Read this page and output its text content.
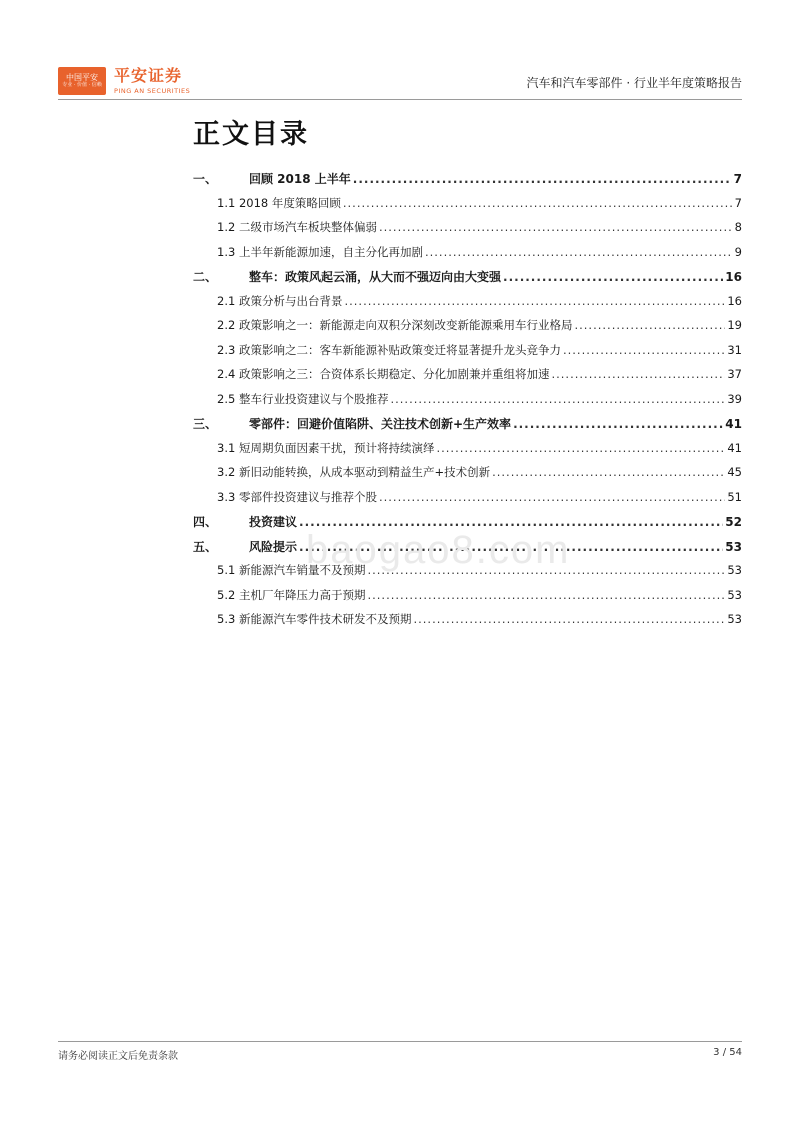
中国平安
专业 · 价值 · 信赖
平安证券
PING AN SECURITIES
汽车和汽车零部件 · 行业半年度策略报告
正文目录
一、	回顾 2018 上半年 .....	7
1.1 2018 年度策略回顾 .....	7
1.2 二级市场汽车板块整体偏弱 .....	8
1.3 上半年新能源加速，自主分化再加剧 .....	9
二、	整车：政策风起云涌，从大而不强迈向由大变强 .....	16
2.1 政策分析与出台背景 .....	16
2.2 政策影响之一：新能源走向双积分深刻改变新能源乘用车行业格局 .....	19
2.3 政策影响之二：客车新能源补贴政策变迁将显著提升龙头竞争力 .....	31
2.4 政策影响之三：合资体系长期稳定、分化加剧兼并重组将加速 .....	37
2.5 整车行业投资建议与个股推荐 .....	39
三、	零部件：回避价值陷阱、关注技术创新+生产效率 .....	41
3.1 短周期负面因素干扰，预计将持续演绎 .....	41
3.2 新旧动能转换，从成本驱动到精益生产+技术创新 .....	45
3.3 零部件投资建议与推荐个股 .....	51
四、	投资建议 .....	52
五、	风险提示 .....	53
5.1 新能源汽车销量不及预期 .....	53
5.2 主机厂年降压力高于预期 .....	53
5.3 新能源汽车零件技术研发不及预期 .....	53
baogao8.com
请务必阅读正文后免责条款	3 / 54
